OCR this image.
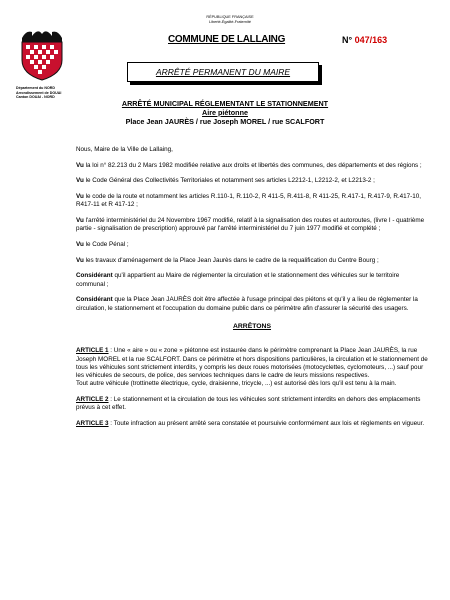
RÉPUBLIQUE FRANÇAISE
Liberté-Égalité-Fraternité
Département du NORD
Arrondissement de DOUAI
Canton DOUAI - NORD
COMMUNE DE LALLAING	N° 047/163
ARRÊTÉ PERMANENT DU MAIRE
ARRÊTÉ MUNICIPAL RÉGLEMENTANT LE STATIONNEMENT
Aire piétonne
Place Jean JAURÈS / rue Joseph MOREL / rue SCALFORT

Nous, Maire de la Ville de Lallaing,

Vu la loi n° 82.213 du 2 Mars 1982 modifiée relative aux droits et libertés des communes, des départements et des régions ;

Vu le Code Général des Collectivités Territoriales et notamment ses articles L2212-1, L2212-2, et L2213-2 ;

Vu le code de la route et notamment les articles R.110-1, R.110-2, R 411-5, R.411-8, R 411-25, R.417-1, R.417-9, R.417-10, R417-11 et R 417-12 ;

Vu l'arrêté interministériel du 24 Novembre 1967 modifié, relatif à la signalisation des routes et autoroutes, (livre I - quatrième partie - signalisation de prescription) approuvé par l'arrêté interministériel du 7 juin 1977 modifié et complété ;

Vu le Code Pénal ;

Vu les travaux d'aménagement de la Place Jean Jaurès dans le cadre de la requalification du Centre Bourg ;

Considérant qu'il appartient au Maire de réglementer la circulation et le stationnement des véhicules sur le territoire communal ;

Considérant que la Place Jean JAURÈS doit être affectée à l'usage principal des piétons et qu'il y a lieu de réglementer la circulation, le stationnement et l'occupation du domaine public dans ce périmètre afin d'assurer la sécurité des usagers.

ARRÊTONS

ARTICLE 1 : Une « aire » ou « zone » piétonne est instaurée dans le périmètre comprenant la Place Jean JAURÈS, la rue Joseph MOREL et la rue SCALFORT. Dans ce périmètre et hors dispositions particulières, la circulation et le stationnement de tous les véhicules sont strictement interdits, y compris les deux roues motorisées (motocyclettes, cyclomoteurs, ...) sauf pour les véhicules de secours, de police, des services techniques dans le cadre de leurs missions respectives.
Tout autre véhicule (trottinette électrique, cycle, draisienne, tricycle, ...) est autorisé dès lors qu'il est tenu à la main.

ARTICLE 2 : Le stationnement et la circulation de tous les véhicules sont strictement interdits en dehors des emplacements prévus à cet effet.

ARTICLE 3 : Toute infraction au présent arrêté sera constatée et poursuivie conformément aux lois et règlements en vigueur.
